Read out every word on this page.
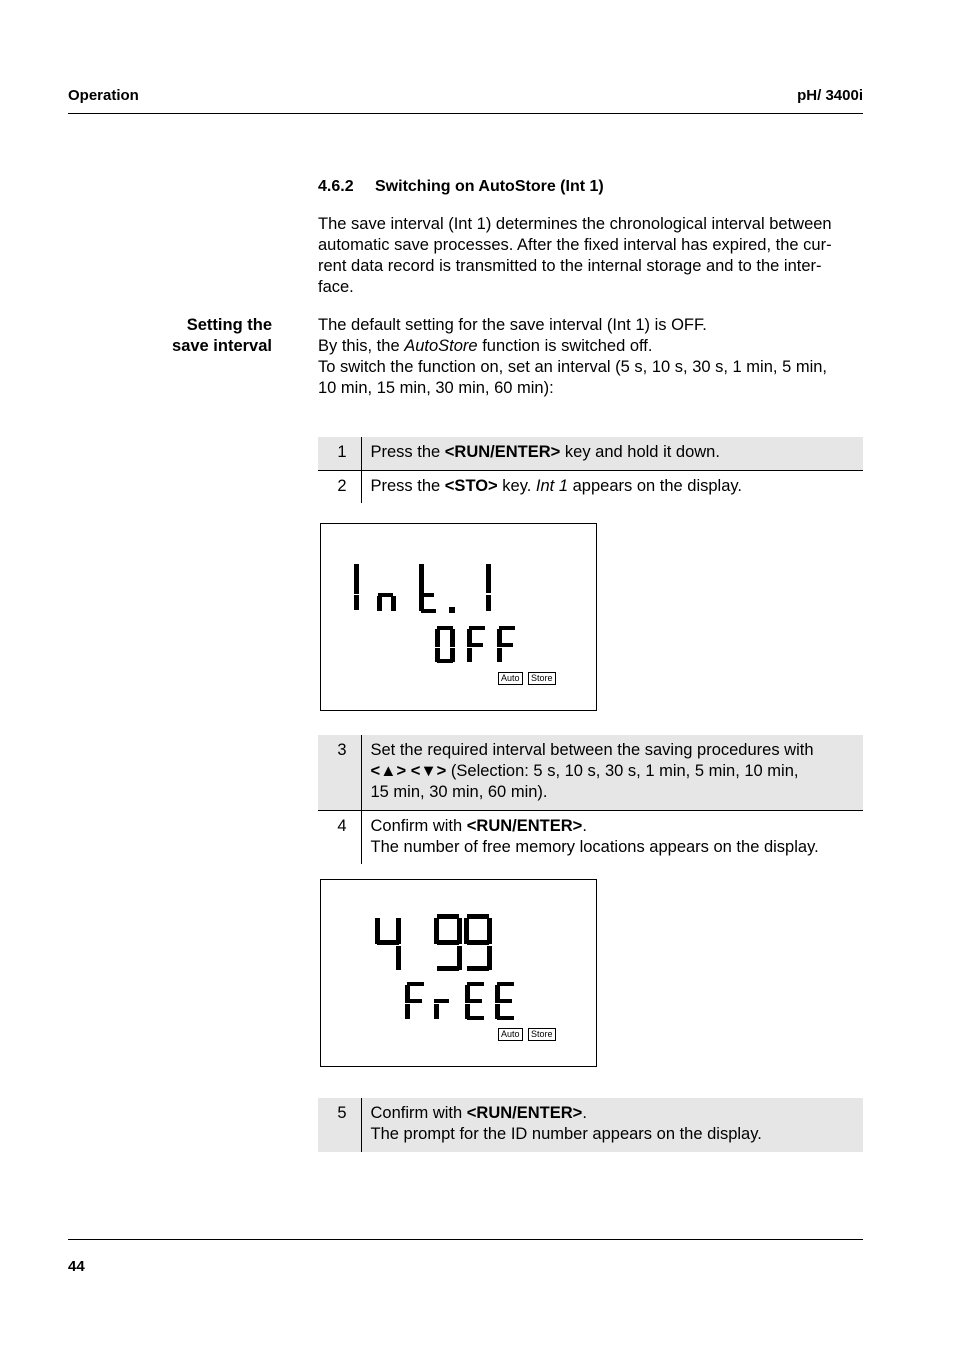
Operation	pH/ 3400i
4.6.2 Switching on AutoStore (Int 1)
The save interval (Int 1) determines the chronological interval between
automatic save processes. After the fixed interval has expired, the cur-
rent data record is transmitted to the internal storage and to the inter-
face.
Setting the
save interval
The default setting for the save interval (Int 1) is OFF.
By this, the AutoStore function is switched off.
To switch the function on, set an interval (5 s, 10 s, 30 s, 1 min, 5 min,
10 min, 15 min, 30 min, 60 min):
1	Press the <RUN/ENTER> key and hold it down.
2	Press the <STO> key. Int 1 appears on the display.
Auto	Store
3	Set the required interval between the saving procedures with
<▲> <▼> (Selection: 5 s, 10 s, 30 s, 1 min, 5 min, 10 min,
15 min, 30 min, 60 min).

4	Confirm with <RUN/ENTER>.
The number of free memory locations appears on the display.
Auto	Store
5	Confirm with <RUN/ENTER>.
The prompt for the ID number appears on the display.
44
